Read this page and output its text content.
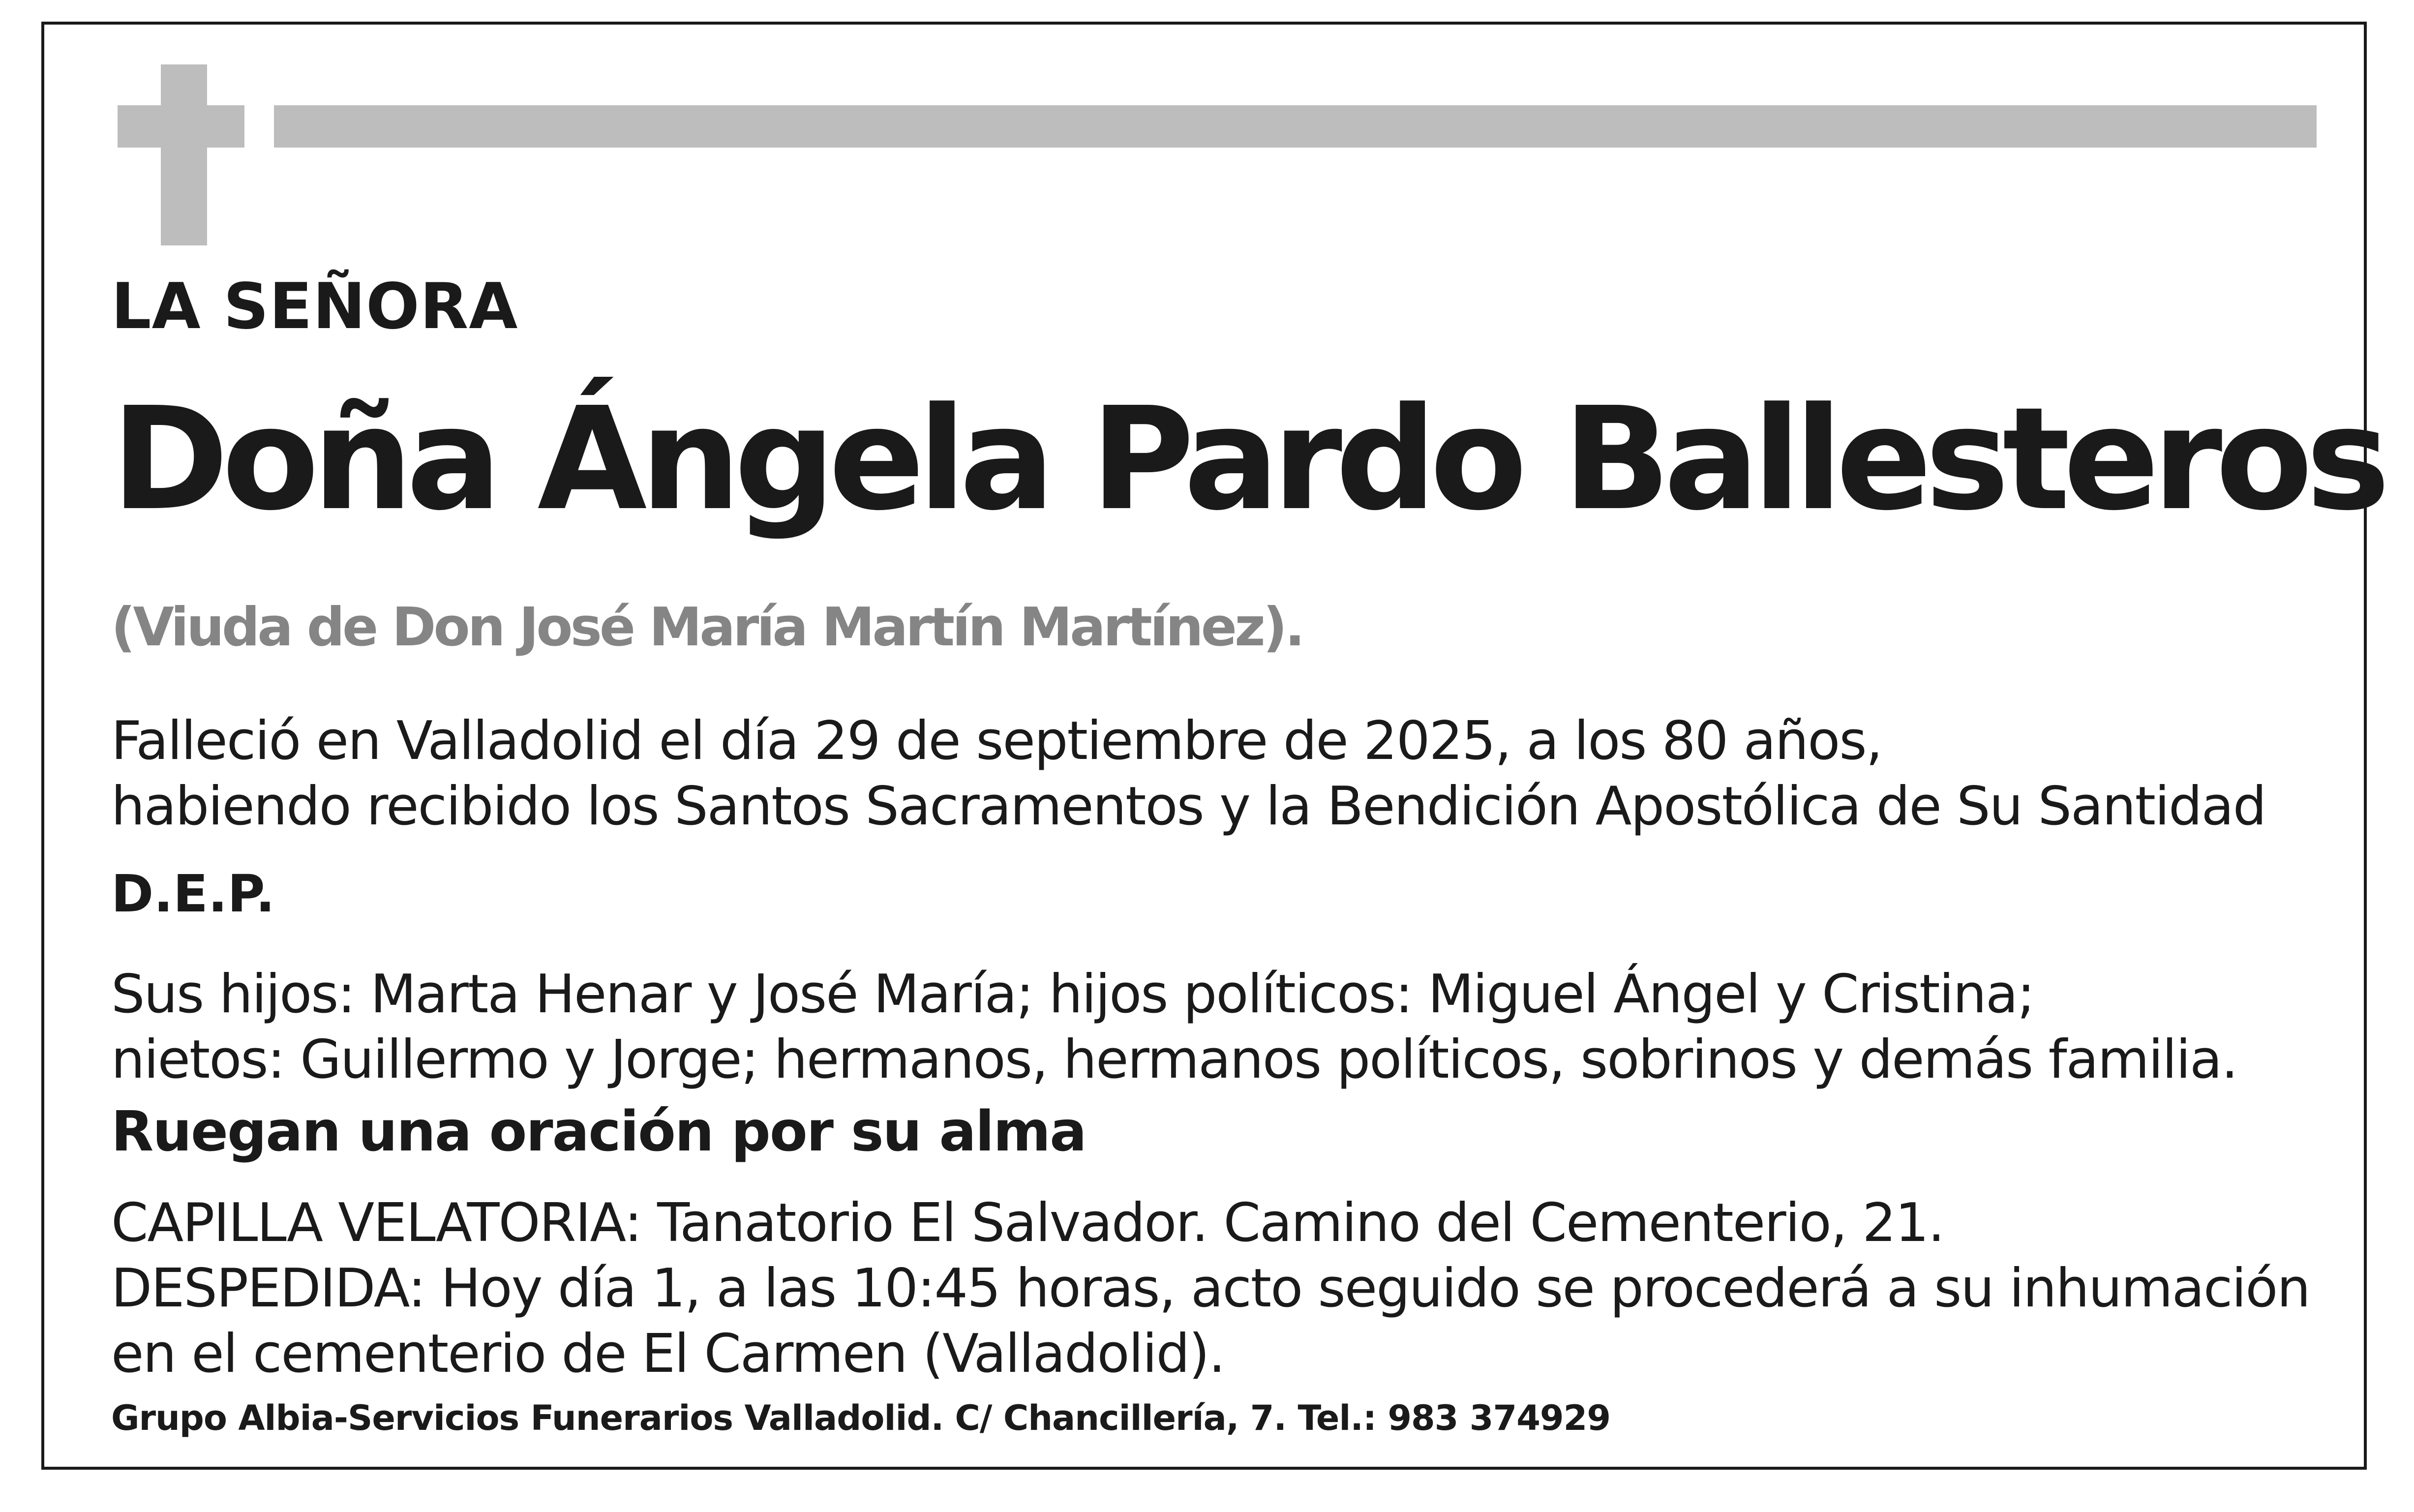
LA SEÑORA
Doña Ángela Pardo Ballesteros
(Viuda de Don José María Martín Martínez).
Falleció en Valladolid el día 29 de septiembre de 2025, a los 80 años,
habiendo recibido los Santos Sacramentos y la Bendición Apostólica de Su Santidad
D.E.P.
Sus hijos: Marta Henar y José María; hijos políticos: Miguel Ángel y Cristina;
nietos: Guillermo y Jorge; hermanos, hermanos políticos, sobrinos y demás familia.
Ruegan una oración por su alma
CAPILLA VELATORIA: Tanatorio El Salvador. Camino del Cementerio, 21.
DESPEDIDA: Hoy día 1, a las 10:45 horas, acto seguido se procederá a su inhumación
en el cementerio de El Carmen (Valladolid).
Grupo Albia-Servicios Funerarios Valladolid. C/ Chancillería, 7. Tel.: 983 374929
